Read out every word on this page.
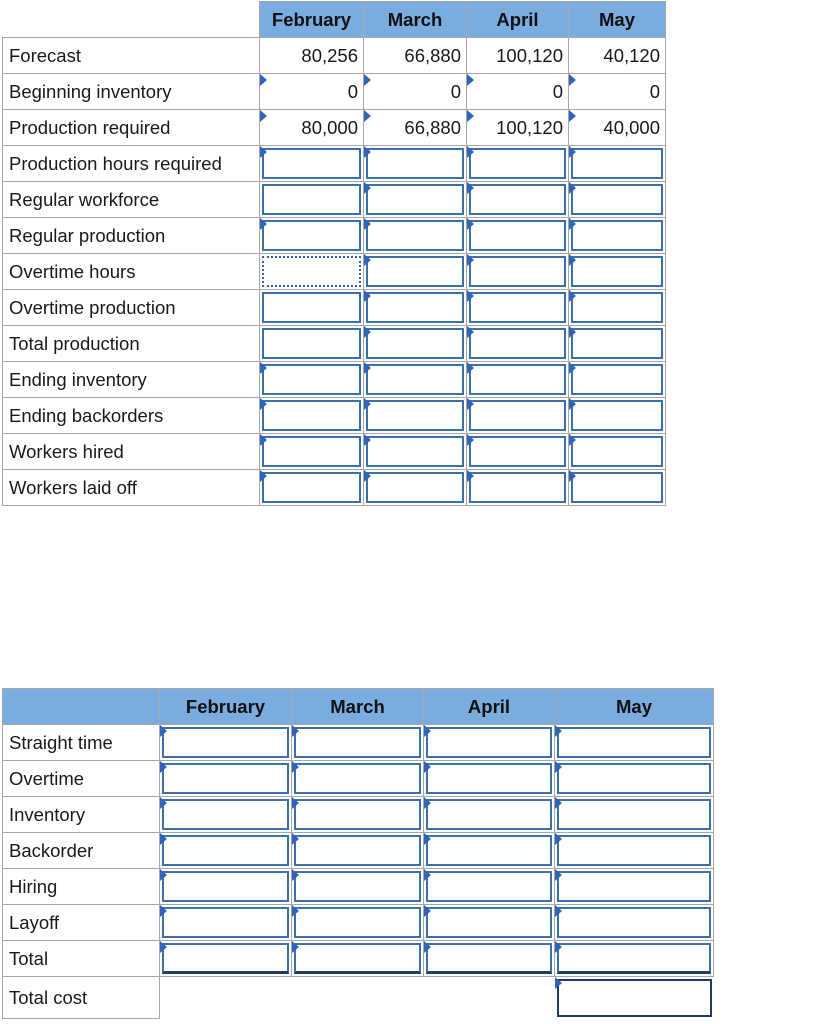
	February	March	April	May
Forecast	80,256	66,880	100,120	40,120
Beginning inventory	0	0	0	0
Production required	80,000	66,880	100,120	40,000
Production hours required	

Regular workforce	

Regular production	

Overtime hours	

Overtime production	

Total production	

Ending inventory	

Ending backorders	

Workers hired	

Workers laid off	

	February	March	April	May
Straight time	

Overtime	

Inventory	

Backorder	

Hiring	

Layoff	

Total	

Total cost				
